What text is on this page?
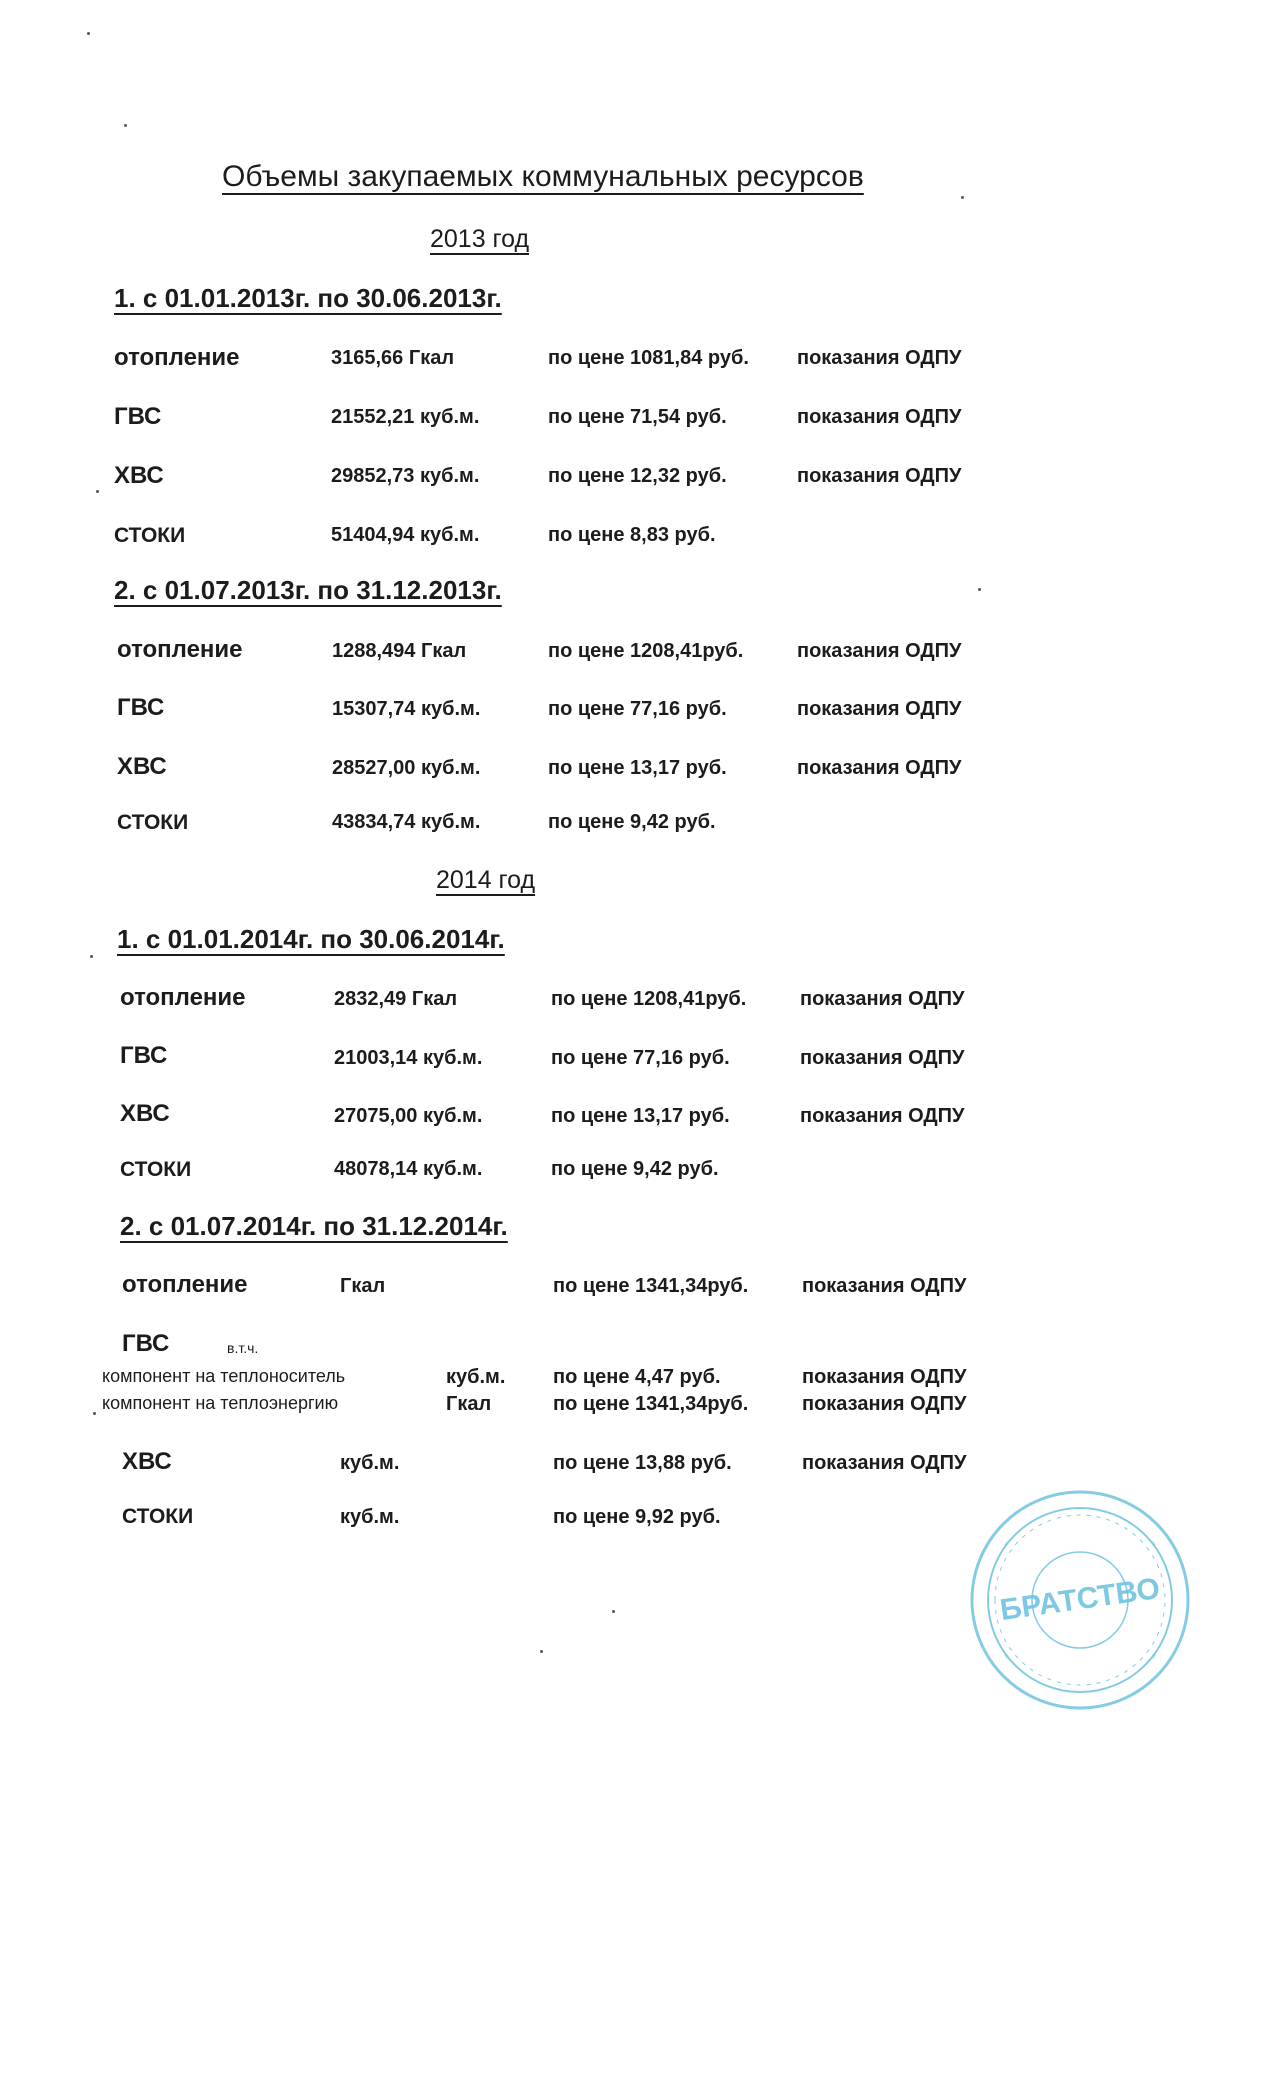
Объемы закупаемых коммунальных ресурсов
2013 год
1. с 01.01.2013г. по 30.06.2013г.
отопление	3165,66 Гкал	по цене 1081,84 руб. показания ОДПУ
ГВС	21552,21 куб.м.	по цене 71,54 руб.	показания ОДПУ
ХВС	29852,73 куб.м.	по цене 12,32 руб.	показания ОДПУ
СТОКИ	51404,94 куб.м.	по цене 8,83 руб.
2. с 01.07.2013г. по 31.12.2013г.
отопление	1288,494 Гкал	по цене 1208,41руб.	показания ОДПУ
ГВС	15307,74 куб.м.	по цене 77,16 руб.	показания ОДПУ
ХВС	28527,00 куб.м.	по цене 13,17 руб.	показания ОДПУ
СТОКИ	43834,74 куб.м.	по цене 9,42 руб.
2014 год
1. с 01.01.2014г. по 30.06.2014г.
отопление	2832,49 Гкал	по цене 1208,41руб.	показания ОДПУ
ГВС	21003,14 куб.м.	по цене 77,16 руб.	показания ОДПУ
ХВС	27075,00 куб.м.	по цене 13,17 руб.	показания ОДПУ
СТОКИ	48078,14 куб.м.	по цене 9,42 руб.
2. с 01.07.2014г. по 31.12.2014г.
отопление	Гкал	по цене 1341,34руб.	показания ОДПУ
ГВС	в.т.ч.
компонент на теплоноситель	куб.м. по цене 4,47 руб.	показания ОДПУ
компонент на теплоэнергию	Гкал	по цене 1341,34руб.	показания ОДПУ
ХВС	куб.м.	по цене 13,88 руб.	показания ОДПУ
СТОКИ	куб.м.	по цене 9,92 руб.
БРАТСТВО
